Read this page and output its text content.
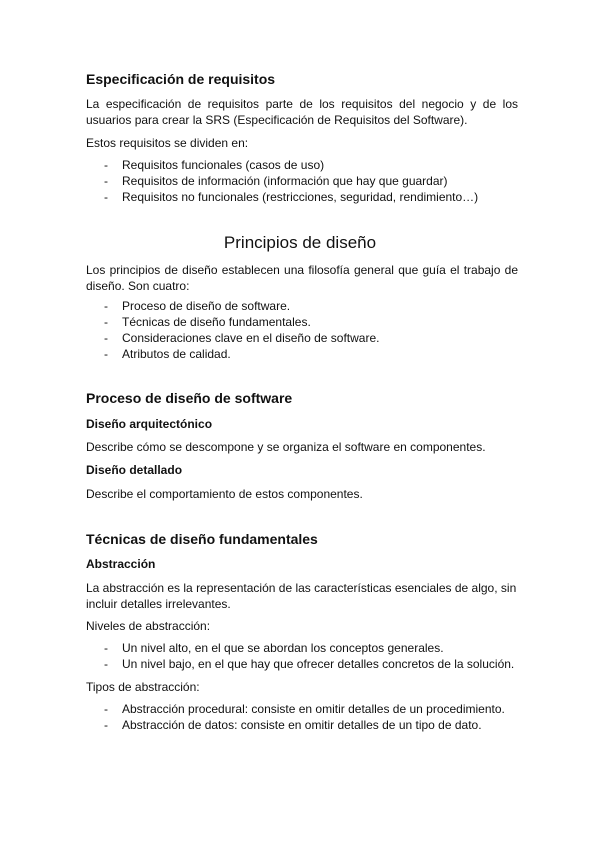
Especificación de requisitos

La especificación de requisitos parte de los requisitos del negocio y de los usuarios para crear la SRS (Especificación de Requisitos del Software).

Estos requisitos se dividen en:

- Requisitos funcionales (casos de uso)
- Requisitos de información (información que hay que guardar)
- Requisitos no funcionales (restricciones, seguridad, rendimiento…)
Principios de diseño

Los principios de diseño establecen una filosofía general que guía el trabajo de diseño. Son cuatro:

- Proceso de diseño de software.
- Técnicas de diseño fundamentales.
- Consideraciones clave en el diseño de software.
- Atributos de calidad.
Proceso de diseño de software
Diseño arquitectónico

Describe cómo se descompone y se organiza el software en componentes.

Diseño detallado

Describe el comportamiento de estos componentes.

Técnicas de diseño fundamentales
Abstracción

La abstracción es la representación de las características esenciales de algo, sin incluir detalles irrelevantes.

Niveles de abstracción:

- Un nivel alto, en el que se abordan los conceptos generales.
- Un nivel bajo, en el que hay que ofrecer detalles concretos de la solución.

Tipos de abstracción:

- Abstracción procedural: consiste en omitir detalles de un procedimiento.
- Abstracción de datos: consiste en omitir detalles de un tipo de dato.
